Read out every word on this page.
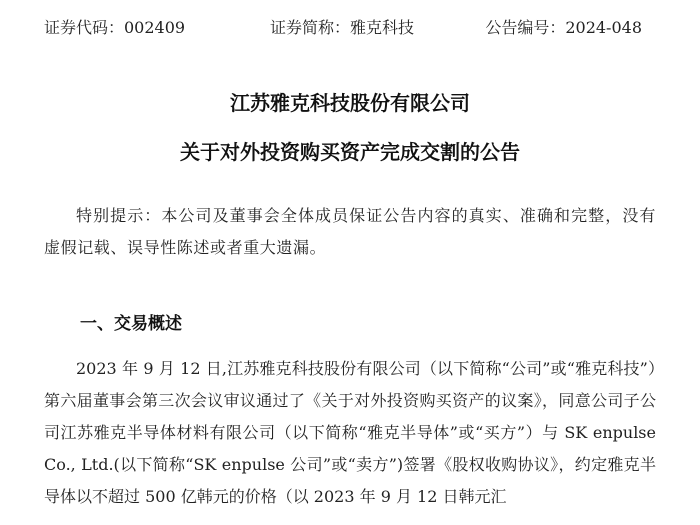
证券代码：002409	证券简称：雅克科技	公告编号：2024-048
江苏雅克科技股份有限公司
关于对外投资购买资产完成交割的公告
特别提示：本公司及董事会全体成员保证公告内容的真实、准确和完整，没有虚假记载、误导性陈述或者重大遗漏。
一、交易概述
2023 年 9 月 12 日,江苏雅克科技股份有限公司（以下简称“公司”或“雅克科技”）第六届董事会第三次会议审议通过了《关于对外投资购买资产的议案》，同意公司子公司江苏雅克半导体材料有限公司（以下简称“雅克半导体”或“买方”）与 SK enpulse Co., Ltd.(以下简称“SK enpulse 公司”或“卖方”)签署《股权收购协议》，约定雅克半导体以不超过 500 亿韩元的价格（以 2023 年 9 月 12 日韩元汇
